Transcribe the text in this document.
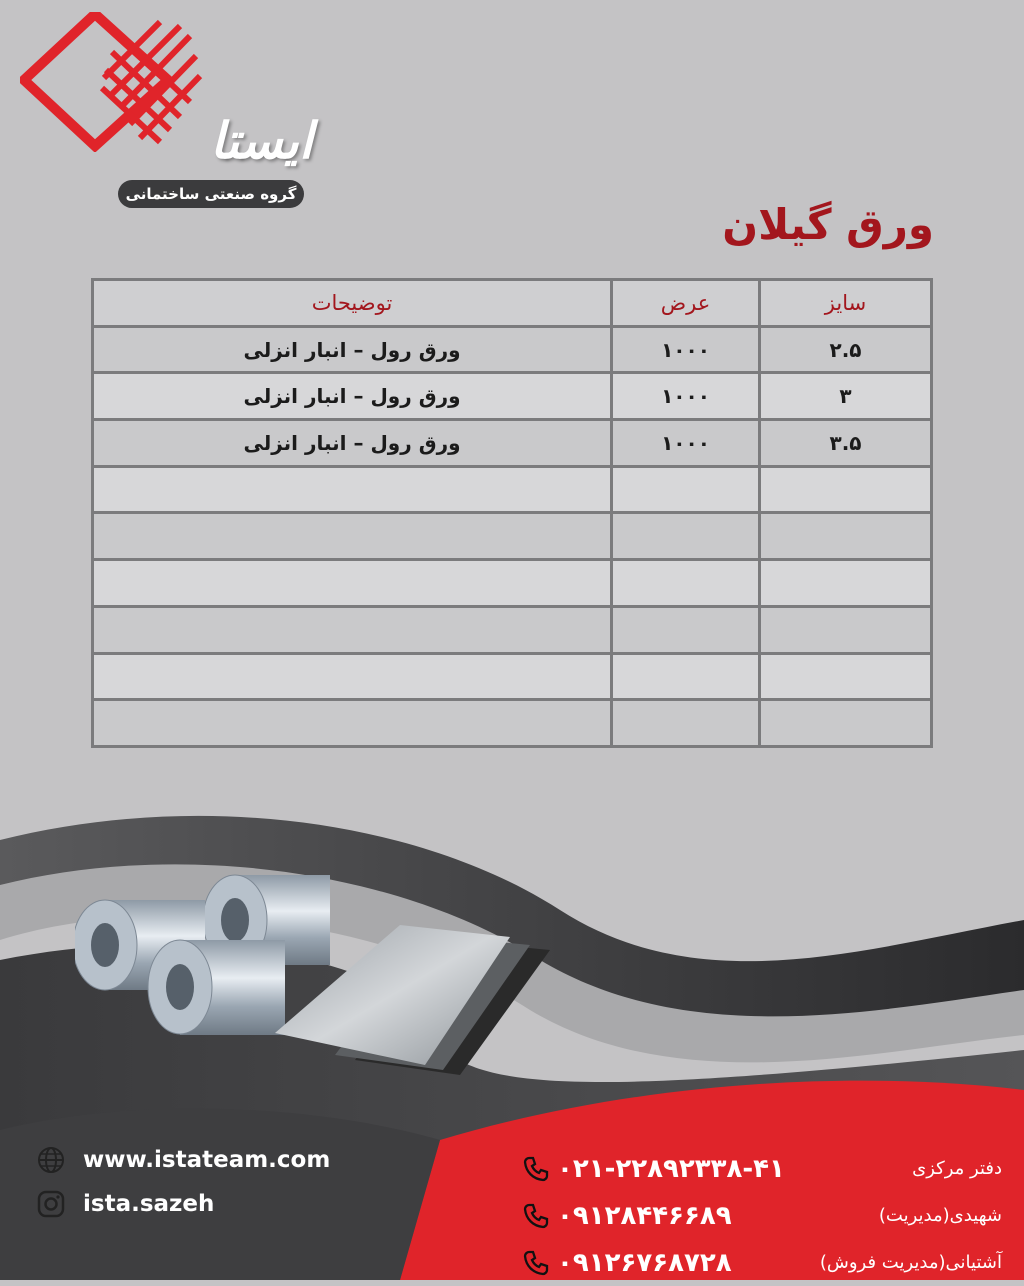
ایستا
گروه صنعتی ساختمانی
ورق گیلان
سایز	عرض	توضیحات
۲.۵	۱۰۰۰	ورق رول – انبار انزلی
۳	۱۰۰۰	ورق رول – انبار انزلی
۳.۵	۱۰۰۰	ورق رول – انبار انزلی

www.istateam.com
ista.sazeh
دفتر مرکزی
۰۲۱-۲۲۸۹۲۳۳۸-۴۱
شهیدی(مدیریت)
۰۹۱۲۸۴۴۶۶۸۹
آشتیانی(مدیریت فروش)
۰۹۱۲۶۷۶۸۷۲۸
